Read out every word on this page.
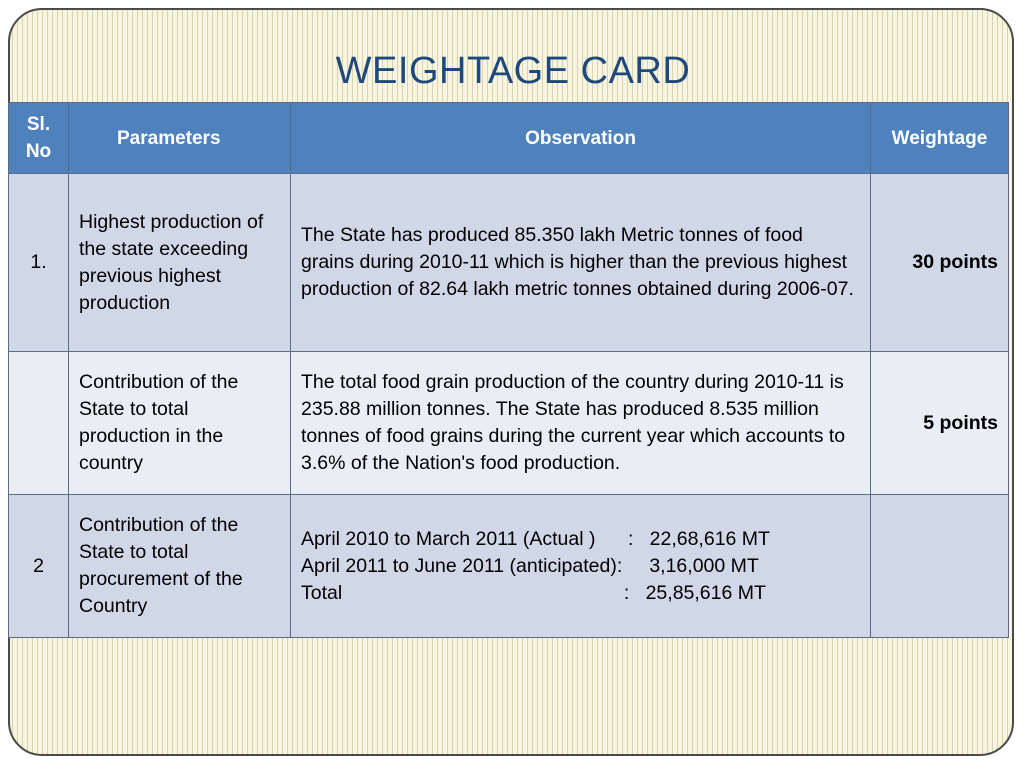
WEIGHTAGE CARD
Sl. No	Parameters	Observation	Weightage
1.	Highest production of the state exceeding previous highest production	The State has produced 85.350 lakh Metric tonnes of food grains during 2010-11 which is higher than the previous highest production of 82.64 lakh metric tonnes obtained during 2006-07.	30 points
	Contribution of the State to total production in the country	The total food grain production of the country during 2010-11 is 235.88 million tonnes. The State has produced 8.535 million tonnes of food grains during the current year which accounts to 3.6% of the Nation's food production.	5 points
2	Contribution of the State to total procurement of the Country	April 2010 to March 2011 (Actual )      :   22,68,616 MT
April 2011 to June 2011 (anticipated):     3,16,000 MT
Total                                                    :   25,85,616 MT	
